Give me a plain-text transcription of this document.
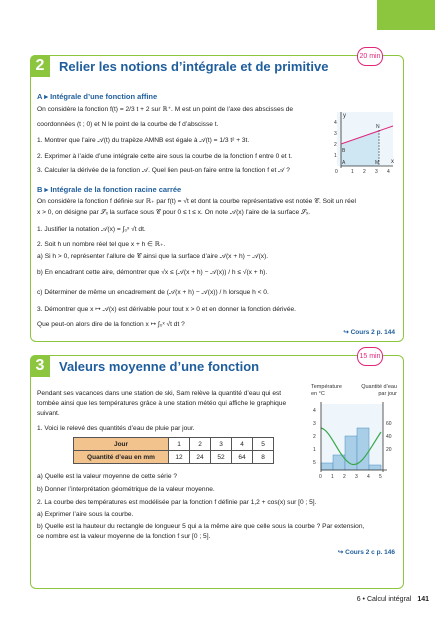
2	Relier les notions d’intégrale et de primitive
20 min
A ▸ Intégrale d’une fonction affine
On considère la fonction f(t) = 2/3 t + 2 sur ℝ⁺. M est un point de l’axe des abscisses de
coordonnées (t ; 0) et N le point de la courbe de f d’abscisse t.
1. Montrer que l’aire 𝒜(t) du trapèze AMNB est égale à 𝒜(t) = 1/3 t² + 3t.
2. Exprimer à l’aide d’une intégrale cette aire sous la courbe de la fonction f entre 0 et t.
3. Calculer la dérivée de la fonction 𝒜. Quel lien peut-on faire entre la fonction f et 𝒜 ?
y
x
4
3
2
1
0	1 2 3 4
B
A	M
N
B ▸ Intégrale de la fonction racine carrée
On considère la fonction f définie sur ℝ₊ par f(t) = √t et dont la courbe représentative est notée 𝒞. Soit un réel
x > 0, on désigne par 𝒮ₓ la surface sous 𝒞 pour 0 ≤ t ≤ x. On note 𝒜(x) l’aire de la surface 𝒮ₓ.
1. Justifier la notation 𝒜(x) = ∫₀ˣ √t dt.
2. Soit h un nombre réel tel que x + h ∈ ℝ₊.
a) Si h > 0, représenter l’allure de 𝒞 ainsi que la surface d’aire 𝒜(x + h) − 𝒜(x).
b) En encadrant cette aire, démontrer que √x ≤ (𝒜(x + h) − 𝒜(x)) / h ≤ √(x + h).
c) Déterminer de même un encadrement de (𝒜(x + h) − 𝒜(x)) / h lorsque h < 0.
3. Démontrer que x ↦ 𝒜(x) est dérivable pour tout x > 0 et en donner la fonction dérivée.
Que peut-on alors dire de la fonction x ↦ ∫₀ˣ √t dt ?
↪ Cours 2 p. 144
3	Valeurs moyenne d’une fonction
15 min
Pendant ses vacances dans une station de ski, Sam relève la quantité d’eau qui est
tombée ainsi que les températures grâce à une station météo qui affiche le graphique
suivant.
1. Voici le relevé des quantités d’eau de pluie par jour.
Jour	1	2	3	4	5
Quantité d’eau en mm	12	24	52	64	8
a) Quelle est la valeur moyenne de cette série ?
b) Donner l’interprétation géométrique de la valeur moyenne.
2. La courbe des températures est modélisée par la fonction f définie par 1,2 + cos(x) sur [0 ; 5].
a) Exprimer l’aire sous la courbe.
b) Quelle est la hauteur du rectangle de longueur 5 qui a la même aire que celle sous la courbe ? Par extension,
ce nombre est la valeur moyenne de la fonction f sur [0 ; 5].
↪ Cours 2 c p. 146
Température en °C
Quantité d’eau par jour
4
3
2
1
5
60
40
20
0 1 2 3 4 5
6 • Calcul intégral 141
